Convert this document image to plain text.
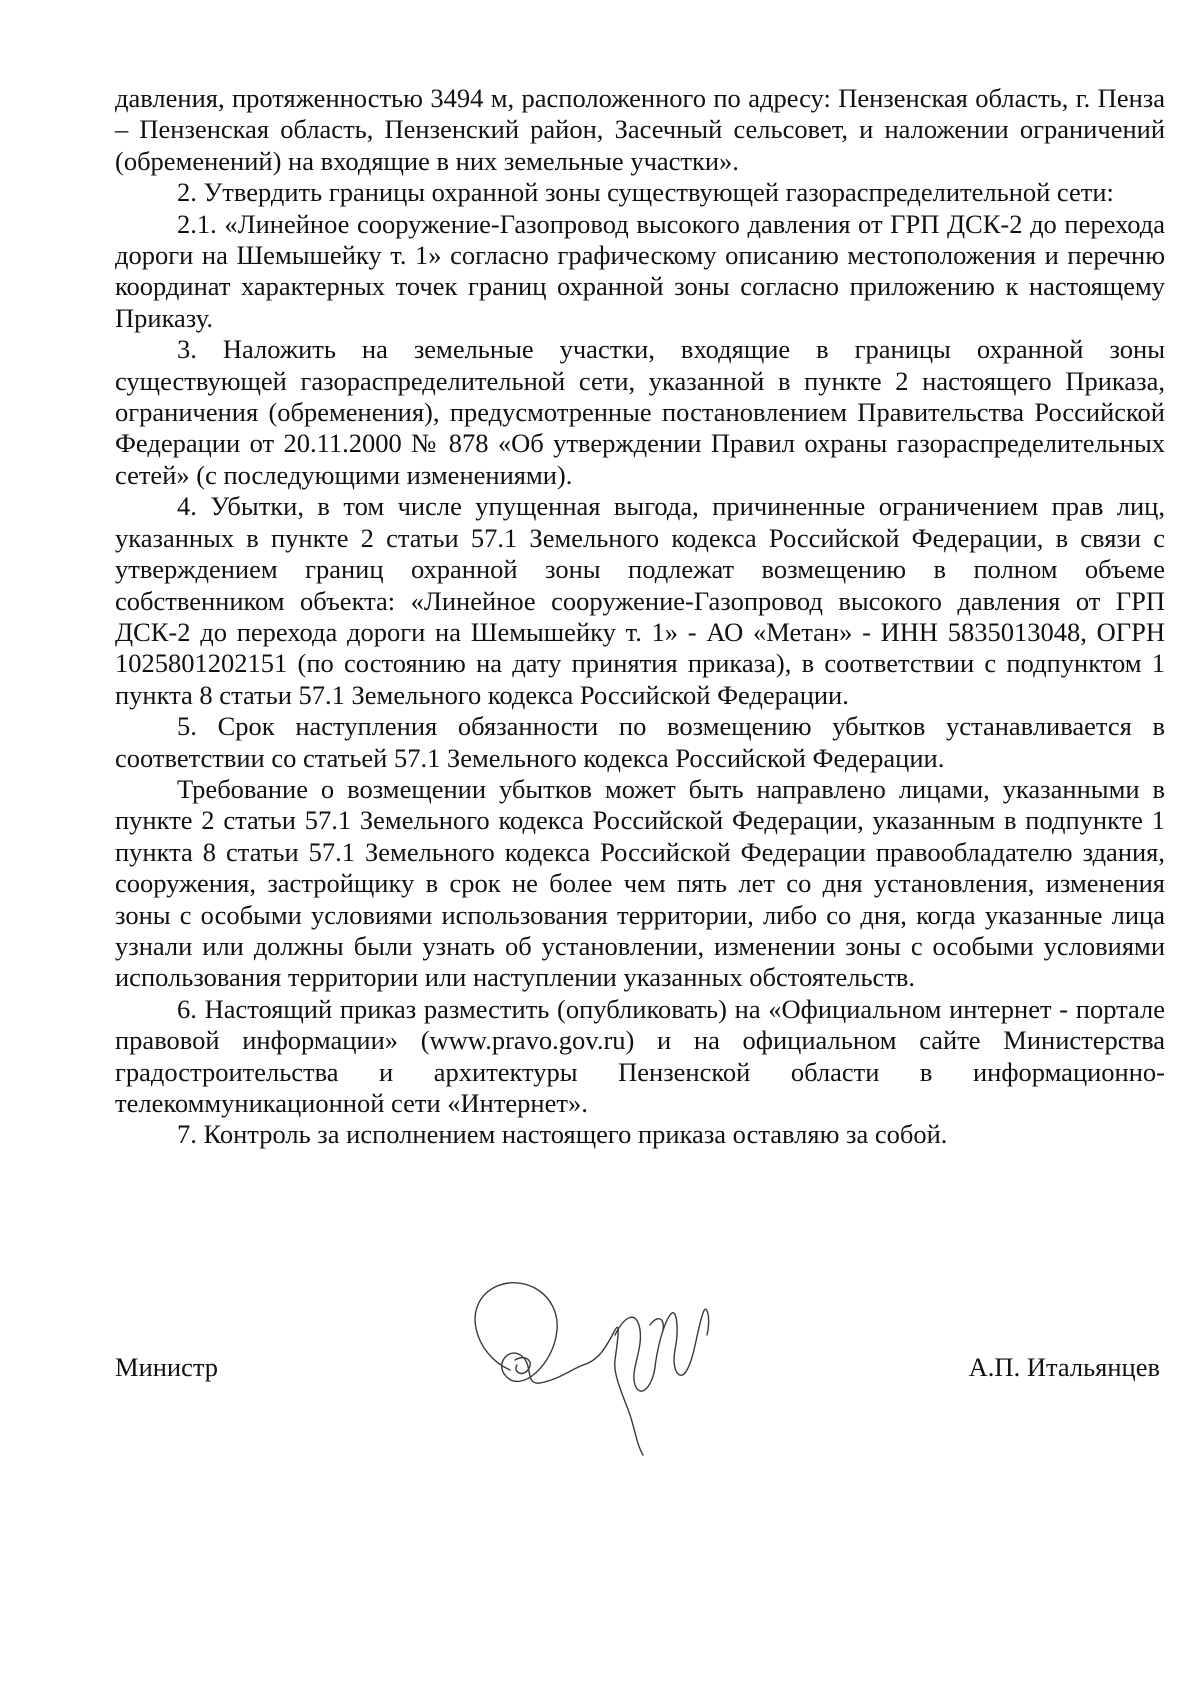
давления, протяженностью 3494 м, расположенного по адресу: Пензенская область, г. Пенза – Пензенская область, Пензенский район, Засечный сельсовет, и наложении ограничений (обременений) на входящие в них земельные участки».

2. Утвердить границы охранной зоны существующей газораспределительной сети:

2.1. «Линейное сооружение-Газопровод высокого давления от ГРП ДСК-2 до перехода дороги на Шемышейку т. 1» согласно графическому описанию местоположения и перечню координат характерных точек границ охранной зоны согласно приложению к настоящему Приказу.

3. Наложить на земельные участки, входящие в границы охранной зоны существующей газораспределительной сети, указанной в пункте 2 настоящего Приказа, ограничения (обременения), предусмотренные постановлением Правительства Российской Федерации от 20.11.2000 № 878 «Об утверждении Правил охраны газораспределительных сетей» (с последующими изменениями).

4. Убытки, в том числе упущенная выгода, причиненные ограничением прав лиц, указанных в пункте 2 статьи 57.1 Земельного кодекса Российской Федерации, в связи с утверждением границ охранной зоны подлежат возмещению в полном объеме собственником объекта: «Линейное сооружение-Газопровод высокого давления от ГРП ДСК-2 до перехода дороги на Шемышейку т. 1» - АО «Метан» - ИНН 5835013048, ОГРН 1025801202151 (по состоянию на дату принятия приказа), в соответствии с подпунктом 1 пункта 8 статьи 57.1 Земельного кодекса Российской Федерации.

5. Срок наступления обязанности по возмещению убытков устанавливается в соответствии со статьей 57.1 Земельного кодекса Российской Федерации.

Требование о возмещении убытков может быть направлено лицами, указанными в пункте 2 статьи 57.1 Земельного кодекса Российской Федерации, указанным в подпункте 1 пункта 8 статьи 57.1 Земельного кодекса Российской Федерации правообладателю здания, сооружения, застройщику в срок не более чем пять лет со дня установления, изменения зоны с особыми условиями использования территории, либо со дня, когда указанные лица узнали или должны были узнать об установлении, изменении зоны с особыми условиями использования территории или наступлении указанных обстоятельств.

6. Настоящий приказ разместить (опубликовать) на «Официальном интернет - портале правовой информации» (www.pravo.gov.ru) и на официальном сайте Министерства градостроительства и архитектуры Пензенской области в информационно-телекоммуникационной сети «Интернет».

7. Контроль за исполнением настоящего приказа оставляю за собой.

Министр	А.П. Итальянцев
